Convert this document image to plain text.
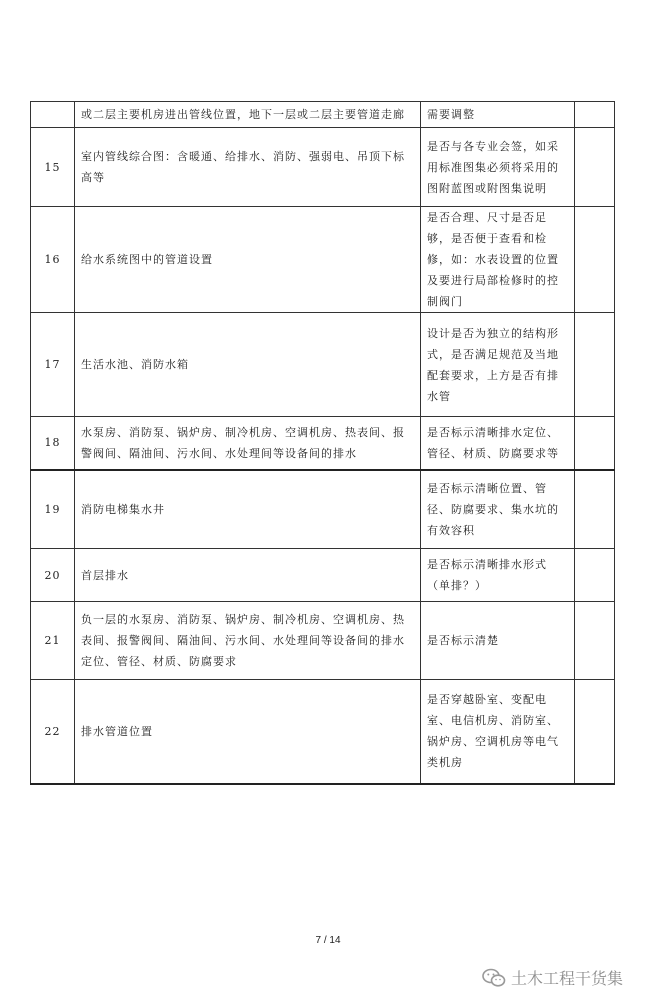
	或二层主要机房进出管线位置，地下一层或二层主要管道走廊	需要调整	
15	室内管线综合图：含暖通、给排水、消防、强弱电、吊顶下标高等	是否与各专业会签，如采用标准图集必须将采用的图附蓝图或附图集说明	
16	给水系统图中的管道设置	是否合理、尺寸是否足够，是否便于查看和检修，如：水表设置的位置及要进行局部检修时的控制阀门	
17	生活水池、消防水箱	设计是否为独立的结构形式，是否满足规范及当地配套要求，上方是否有排水管	
18	水泵房、消防泵、锅炉房、制冷机房、空调机房、热表间、报警阀间、隔油间、污水间、水处理间等设备间的排水	是否标示清晰排水定位、管径、材质、防腐要求等	
19	消防电梯集水井	是否标示清晰位置、管径、防腐要求、集水坑的有效容积	
20	首层排水	是否标示清晰排水形式（单排？）	
21	负一层的水泵房、消防泵、锅炉房、制冷机房、空调机房、热表间、报警阀间、隔油间、污水间、水处理间等设备间的排水定位、管径、材质、防腐要求	是否标示清楚	
22	排水管道位置	是否穿越卧室、变配电室、电信机房、消防室、锅炉房、空调机房等电气类机房	
7 / 14
土木工程干货集
